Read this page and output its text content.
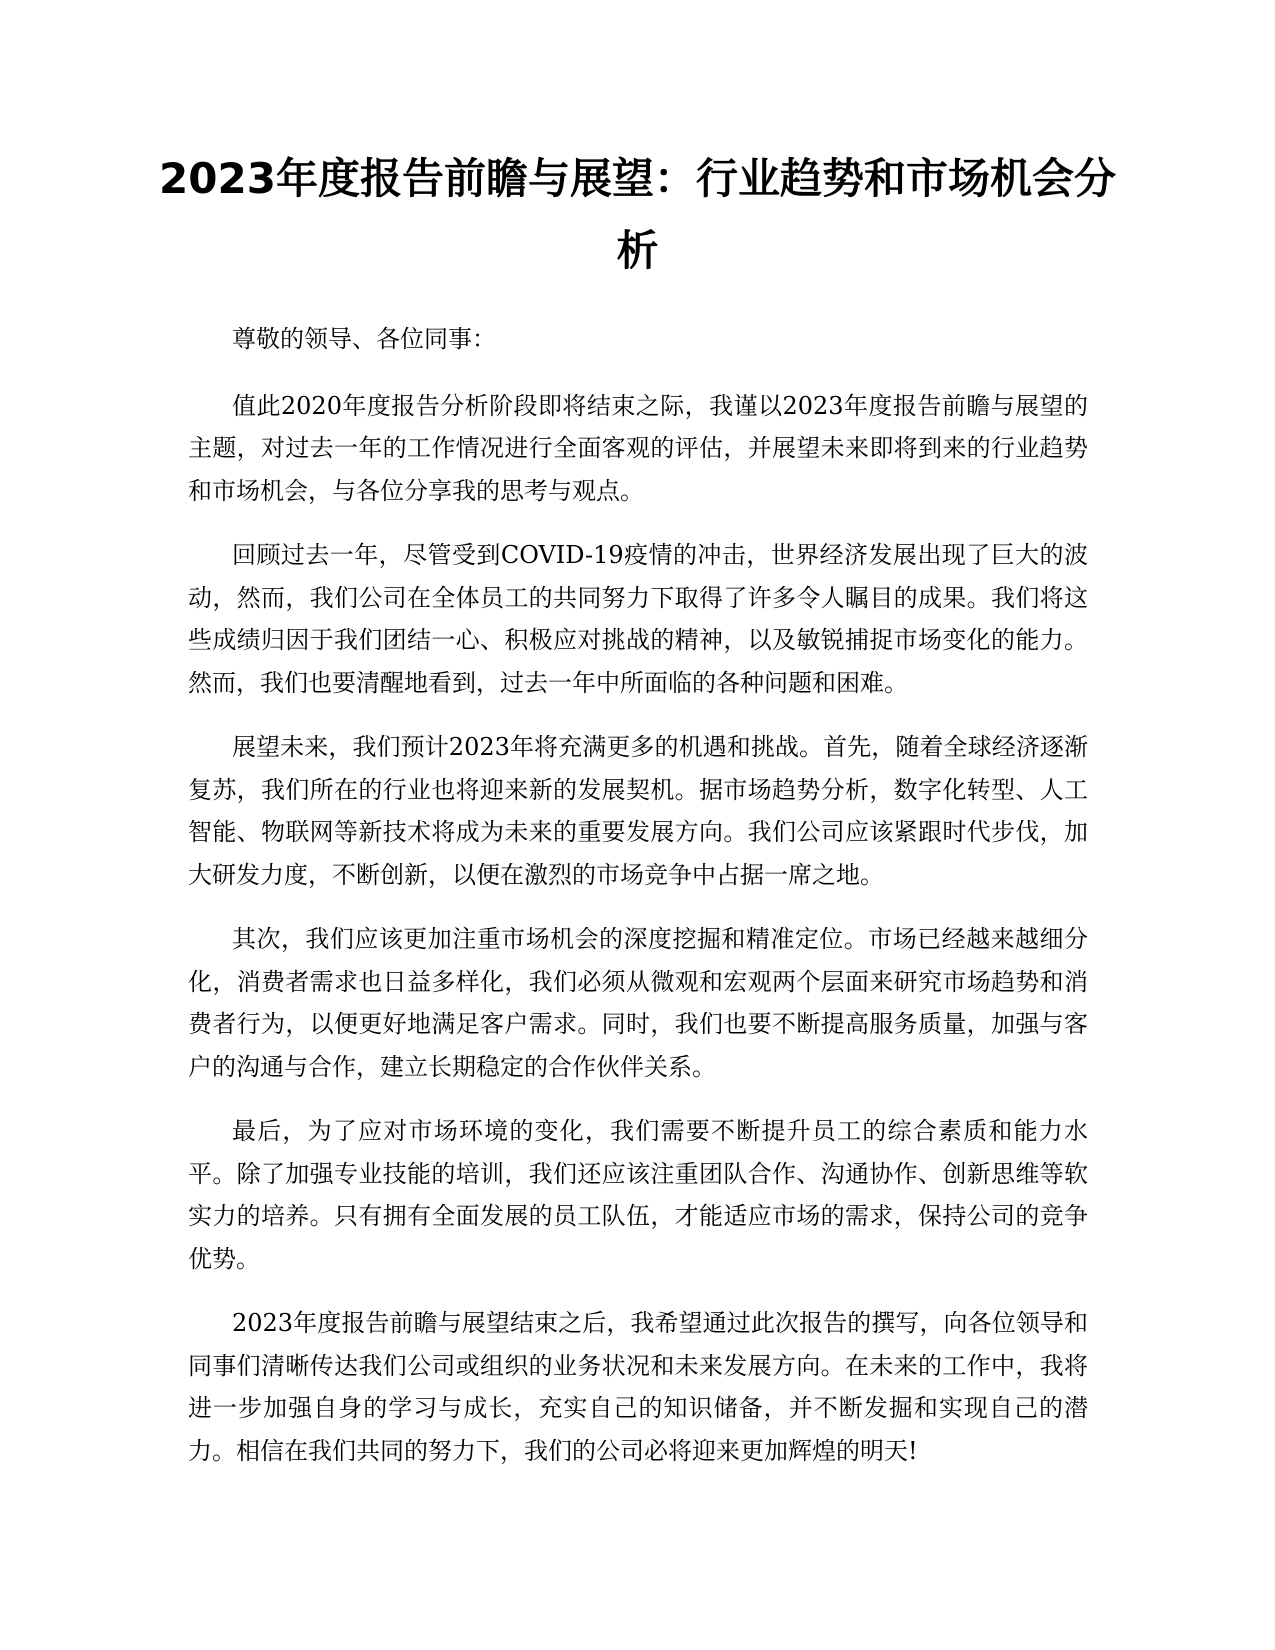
2023年度报告前瞻与展望：行业趋势和市场机会分析

尊敬的领导、各位同事：

值此2020年度报告分析阶段即将结束之际，我谨以2023年度报告前瞻与展望的主题，对过去一年的工作情况进行全面客观的评估，并展望未来即将到来的行业趋势和市场机会，与各位分享我的思考与观点。

回顾过去一年，尽管受到COVID-19疫情的冲击，世界经济发展出现了巨大的波动，然而，我们公司在全体员工的共同努力下取得了许多令人瞩目的成果。我们将这些成绩归因于我们团结一心、积极应对挑战的精神，以及敏锐捕捉市场变化的能力。然而，我们也要清醒地看到，过去一年中所面临的各种问题和困难。

展望未来，我们预计2023年将充满更多的机遇和挑战。首先，随着全球经济逐渐复苏，我们所在的行业也将迎来新的发展契机。据市场趋势分析，数字化转型、人工智能、物联网等新技术将成为未来的重要发展方向。我们公司应该紧跟时代步伐，加大研发力度，不断创新，以便在激烈的市场竞争中占据一席之地。

其次，我们应该更加注重市场机会的深度挖掘和精准定位。市场已经越来越细分化，消费者需求也日益多样化，我们必须从微观和宏观两个层面来研究市场趋势和消费者行为，以便更好地满足客户需求。同时，我们也要不断提高服务质量，加强与客户的沟通与合作，建立长期稳定的合作伙伴关系。

最后，为了应对市场环境的变化，我们需要不断提升员工的综合素质和能力水平。除了加强专业技能的培训，我们还应该注重团队合作、沟通协作、创新思维等软实力的培养。只有拥有全面发展的员工队伍，才能适应市场的需求，保持公司的竞争优势。

2023年度报告前瞻与展望结束之后，我希望通过此次报告的撰写，向各位领导和同事们清晰传达我们公司或组织的业务状况和未来发展方向。在未来的工作中，我将进一步加强自身的学习与成长，充实自己的知识储备，并不断发掘和实现自己的潜力。相信在我们共同的努力下，我们的公司必将迎来更加辉煌的明天!
